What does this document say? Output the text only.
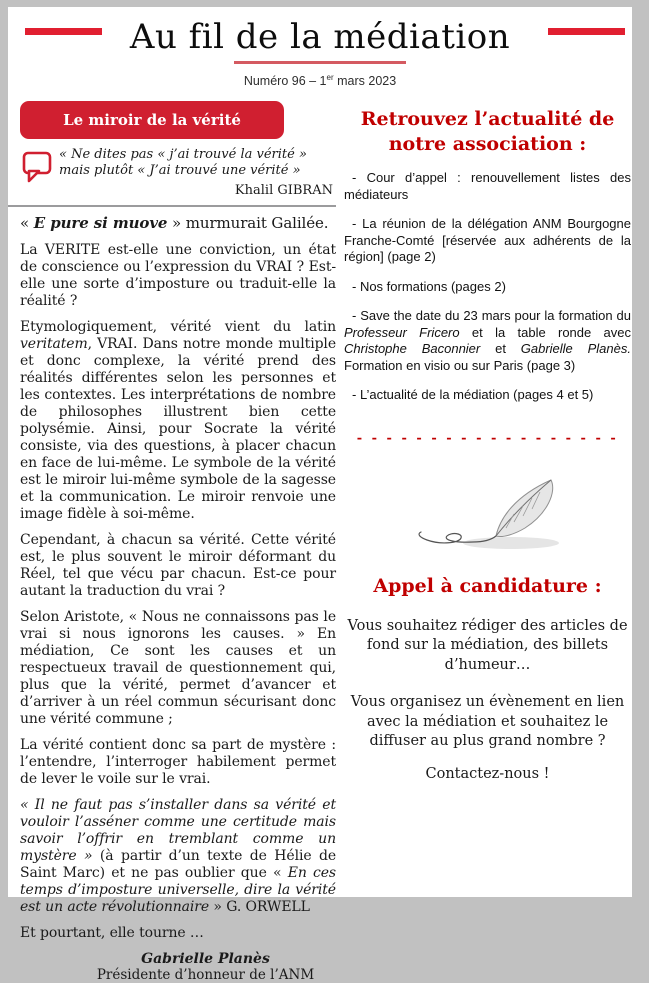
Au fil de la médiation
Numéro 96 – 1er mars 2023
Le miroir de la vérité
« Ne dites pas « j’ai trouvé la vérité » mais plutôt « J’ai trouvé une vérité »
Khalil GIBRAN

« E pure si muove » murmurait Galilée.

La VERITE est-elle une conviction, un état de conscience ou l’expression du VRAI ? Est-elle une sorte d’imposture ou traduit-elle la réalité ?

Etymologiquement, vérité vient du latin veritatem, VRAI. Dans notre monde multiple et donc complexe, la vérité prend des réalités différentes selon les personnes et les contextes. Les interprétations de nombre de philosophes illustrent bien cette polysémie. Ainsi, pour Socrate la vérité consiste, via des questions, à placer chacun en face de lui-même. Le symbole de la vérité est le miroir lui-même symbole de la sagesse et la communication. Le miroir renvoie une image fidèle à soi-même.

Cependant, à chacun sa vérité. Cette vérité est, le plus souvent le miroir déformant du Réel, tel que vécu par chacun. Est-ce pour autant la traduction du vrai ?

Selon Aristote, « Nous ne connaissons pas le vrai si nous ignorons les causes. » En médiation, Ce sont les causes et un respectueux travail de questionnement qui, plus que la vérité, permet d’avancer et d’arriver à un réel commun sécurisant donc une vérité commune ;

La vérité contient donc sa part de mystère : l’entendre, l’interroger habilement permet de lever le voile sur le vrai.

« Il ne faut pas s’installer dans sa vérité et vouloir l’asséner comme une certitude mais savoir l’offrir en tremblant comme un mystère » (à partir d’un texte de Hélie de Saint Marc) et ne pas oublier que « En ces temps d’imposture universelle, dire la vérité est un acte révolutionnaire » G. ORWELL

Et pourtant, elle tourne …

Gabrielle Planès
Présidente d’honneur de l’ANM
Retrouvez l’actualité de notre association :

- Cour d’appel : renouvellement listes des médiateurs

- La réunion de la délégation ANM Bourgogne Franche-Comté [réservée aux adhérents de la région] (page 2)

- Nos formations (pages 2)

- Save the date du 23 mars pour la formation du Professeur Fricero et la table ronde avec Christophe Baconnier et Gabrielle Planès. Formation en visio ou sur Paris (page 3)

- L’actualité de la médiation (pages 4 et 5)

- - - - - - - - - - - - - - - - - -
Appel à candidature :

Vous souhaitez rédiger des articles de fond sur la médiation, des billets d’humeur…

Vous organisez un évènement en lien avec la médiation et souhaitez le diffuser au plus grand nombre ?

Contactez-nous !
